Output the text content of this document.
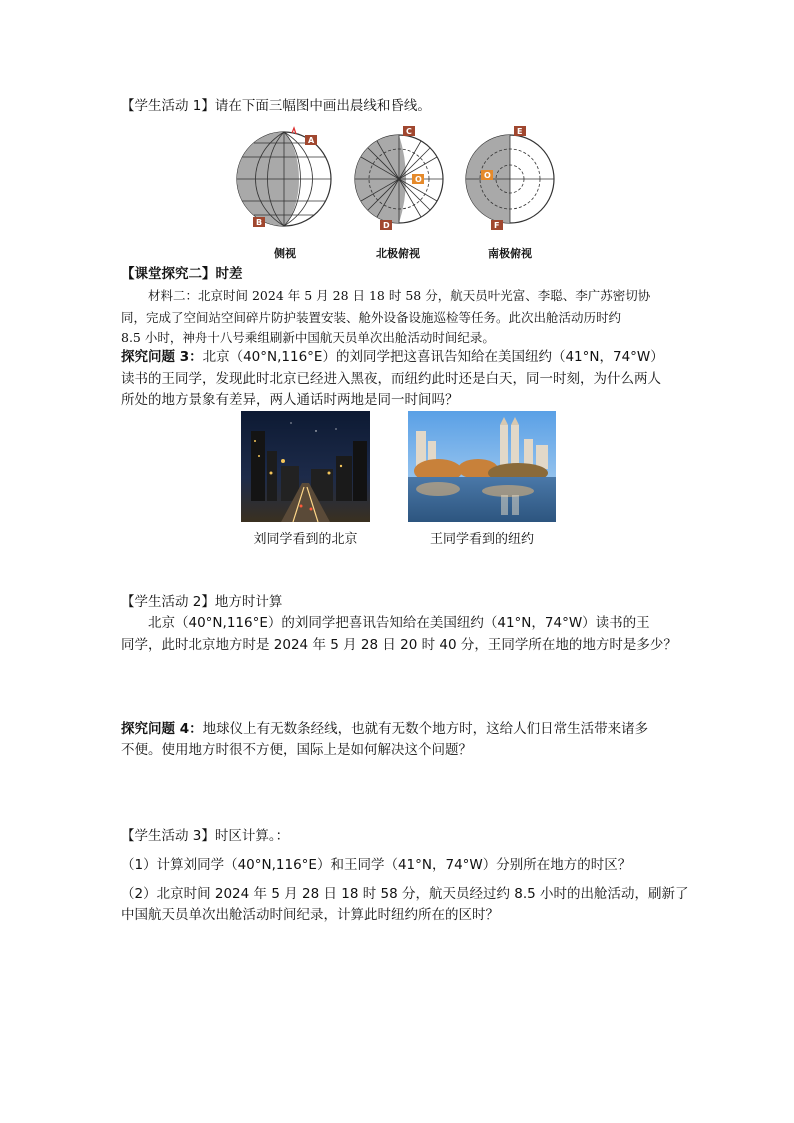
【学生活动 1】请在下面三幅图中画出晨线和昏线。
A
B
C
D
O
E
O
F
侧视	北极俯视	南极俯视
【课堂探究二】时差
材料二：北京时间 2024 年 5 月 28 日 18 时 58 分，航天员叶光富、李聪、李广苏密切协
同，完成了空间站空间碎片防护装置安装、舱外设备设施巡检等任务。此次出舱活动历时约
8.5 小时，神舟十八号乘组刷新中国航天员单次出舱活动时间纪录。
探究问题 3：北京（40°N,116°E）的刘同学把这喜讯告知给在美国纽约（41°N，74°W）
读书的王同学，发现此时北京已经进入黑夜，而纽约此时还是白天，同一时刻，为什么两人
所处的地方景象有差异，两人通话时两地是同一时间吗？
刘同学看到的北京	王同学看到的纽约
【学生活动 2】地方时计算
北京（40°N,116°E）的刘同学把喜讯告知给在美国纽约（41°N，74°W）读书的王
同学，此时北京地方时是 2024 年 5 月 28 日 20 时 40 分，王同学所在地的地方时是多少？
探究问题 4：地球仪上有无数条经线，也就有无数个地方时，这给人们日常生活带来诸多
不便。使用地方时很不方便，国际上是如何解决这个问题？
【学生活动 3】时区计算。：
（1）计算刘同学（40°N,116°E）和王同学（41°N，74°W）分别所在地方的时区？
（2）北京时间 2024 年 5 月 28 日 18 时 58 分，航天员经过约 8.5 小时的出舱活动，刷新了
中国航天员单次出舱活动时间纪录，计算此时纽约所在的区时？
